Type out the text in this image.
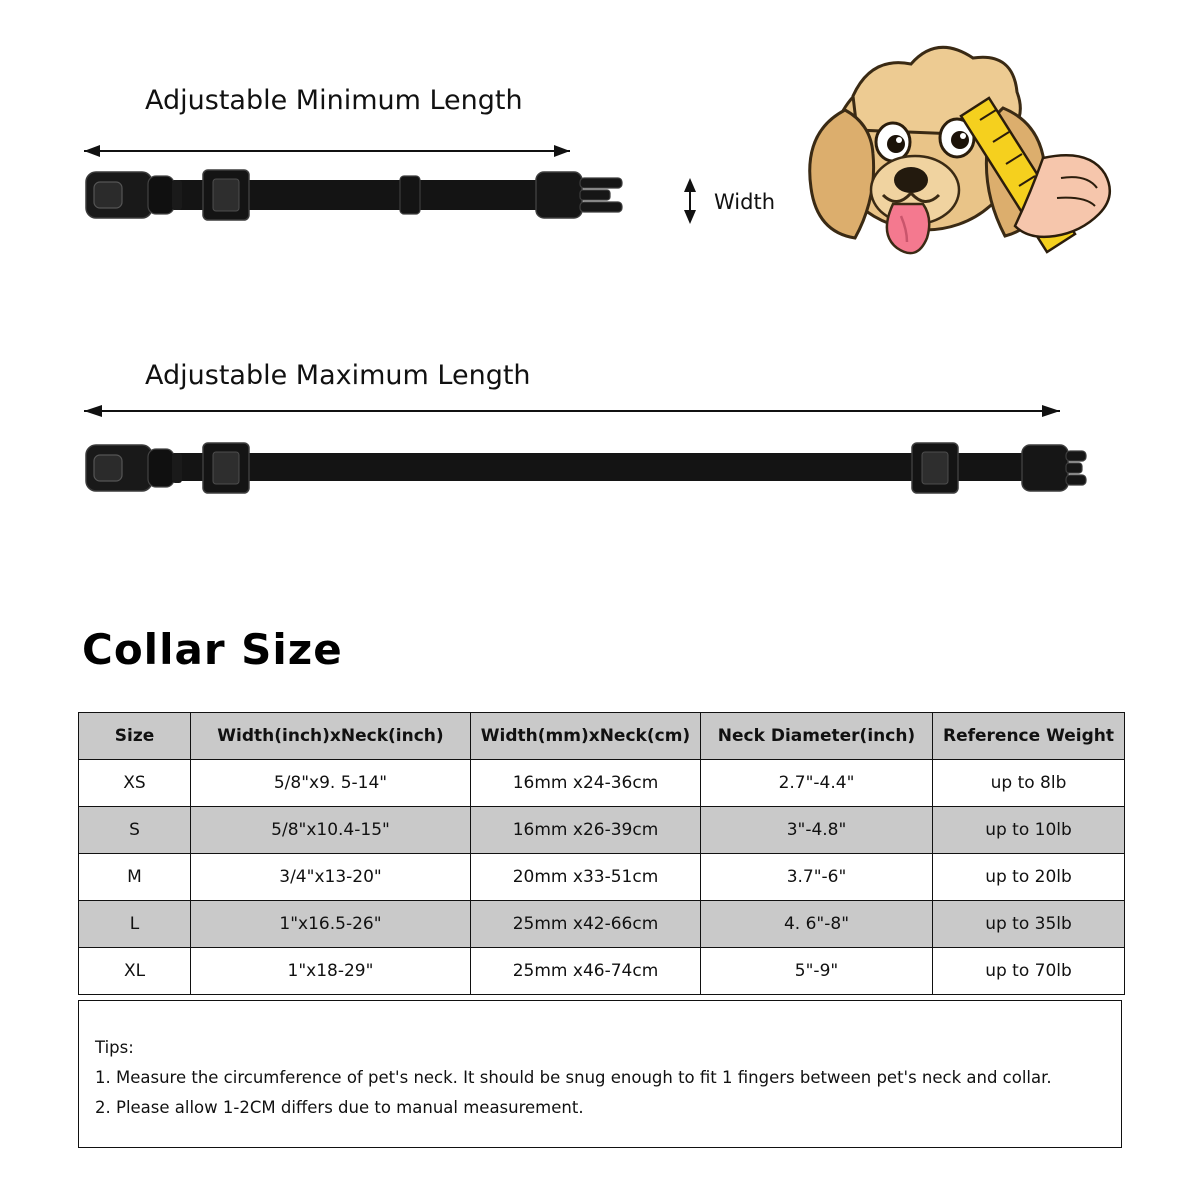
Adjustable Minimum Length
Width
Adjustable Maximum Length
Collar Size
Size	Width(inch)xNeck(inch)	Width(mm)xNeck(cm)	Neck Diameter(inch)	Reference Weight
XS	5/8"x9. 5-14"	16mm x24-36cm	2.7"-4.4"	up to 8lb
S	5/8"x10.4-15"	16mm x26-39cm	3"-4.8"	up to 10lb
M	3/4"x13-20"	20mm x33-51cm	3.7"-6"	up to 20lb
L	1"x16.5-26"	25mm x42-66cm	4. 6"-8"	up to 35lb
XL	1"x18-29"	25mm x46-74cm	5"-9"	up to 70lb
Tips:
1. Measure the circumference of pet's neck. It should be snug enough to fit 1 fingers between pet's neck and collar.
2. Please allow 1-2CM differs due to manual measurement.
